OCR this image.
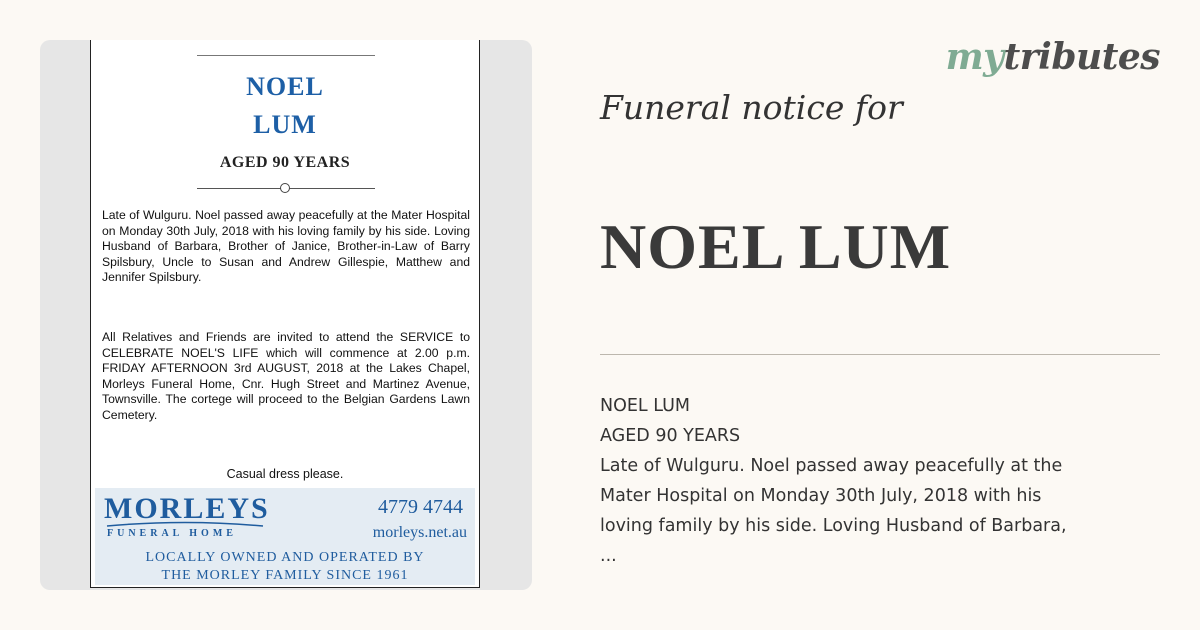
NOEL
LUM
AGED 90 YEARS

Late of Wulguru. Noel passed away peacefully at the Mater Hospital on Monday 30th July, 2018 with his loving family by his side. Loving Husband of Barbara, Brother of Janice, Brother-in-Law of Barry Spilsbury, Uncle to Susan and Andrew Gillespie, Matthew and Jennifer Spilsbury.

All Relatives and Friends are invited to attend the SERVICE to CELEBRATE NOEL'S LIFE which will commence at 2.00 p.m. FRIDAY AFTERNOON 3rd AUGUST, 2018 at the Lakes Chapel, Morleys Funeral Home, Cnr. Hugh Street and Martinez Avenue, Townsville. The cortege will proceed to the Belgian Gardens Lawn Cemetery.

Casual dress please.
MORLEYS
FUNERAL HOME
4779 4744
morleys.net.au
LOCALLY OWNED AND OPERATED BY
THE MORLEY FAMILY SINCE 1961
mytributes
Funeral notice for
NOEL LUM
NOEL LUM
AGED 90 YEARS
Late of Wulguru. Noel passed away peacefully at the
Mater Hospital on Monday 30th July, 2018 with his
loving family by his side. Loving Husband of Barbara,
...
